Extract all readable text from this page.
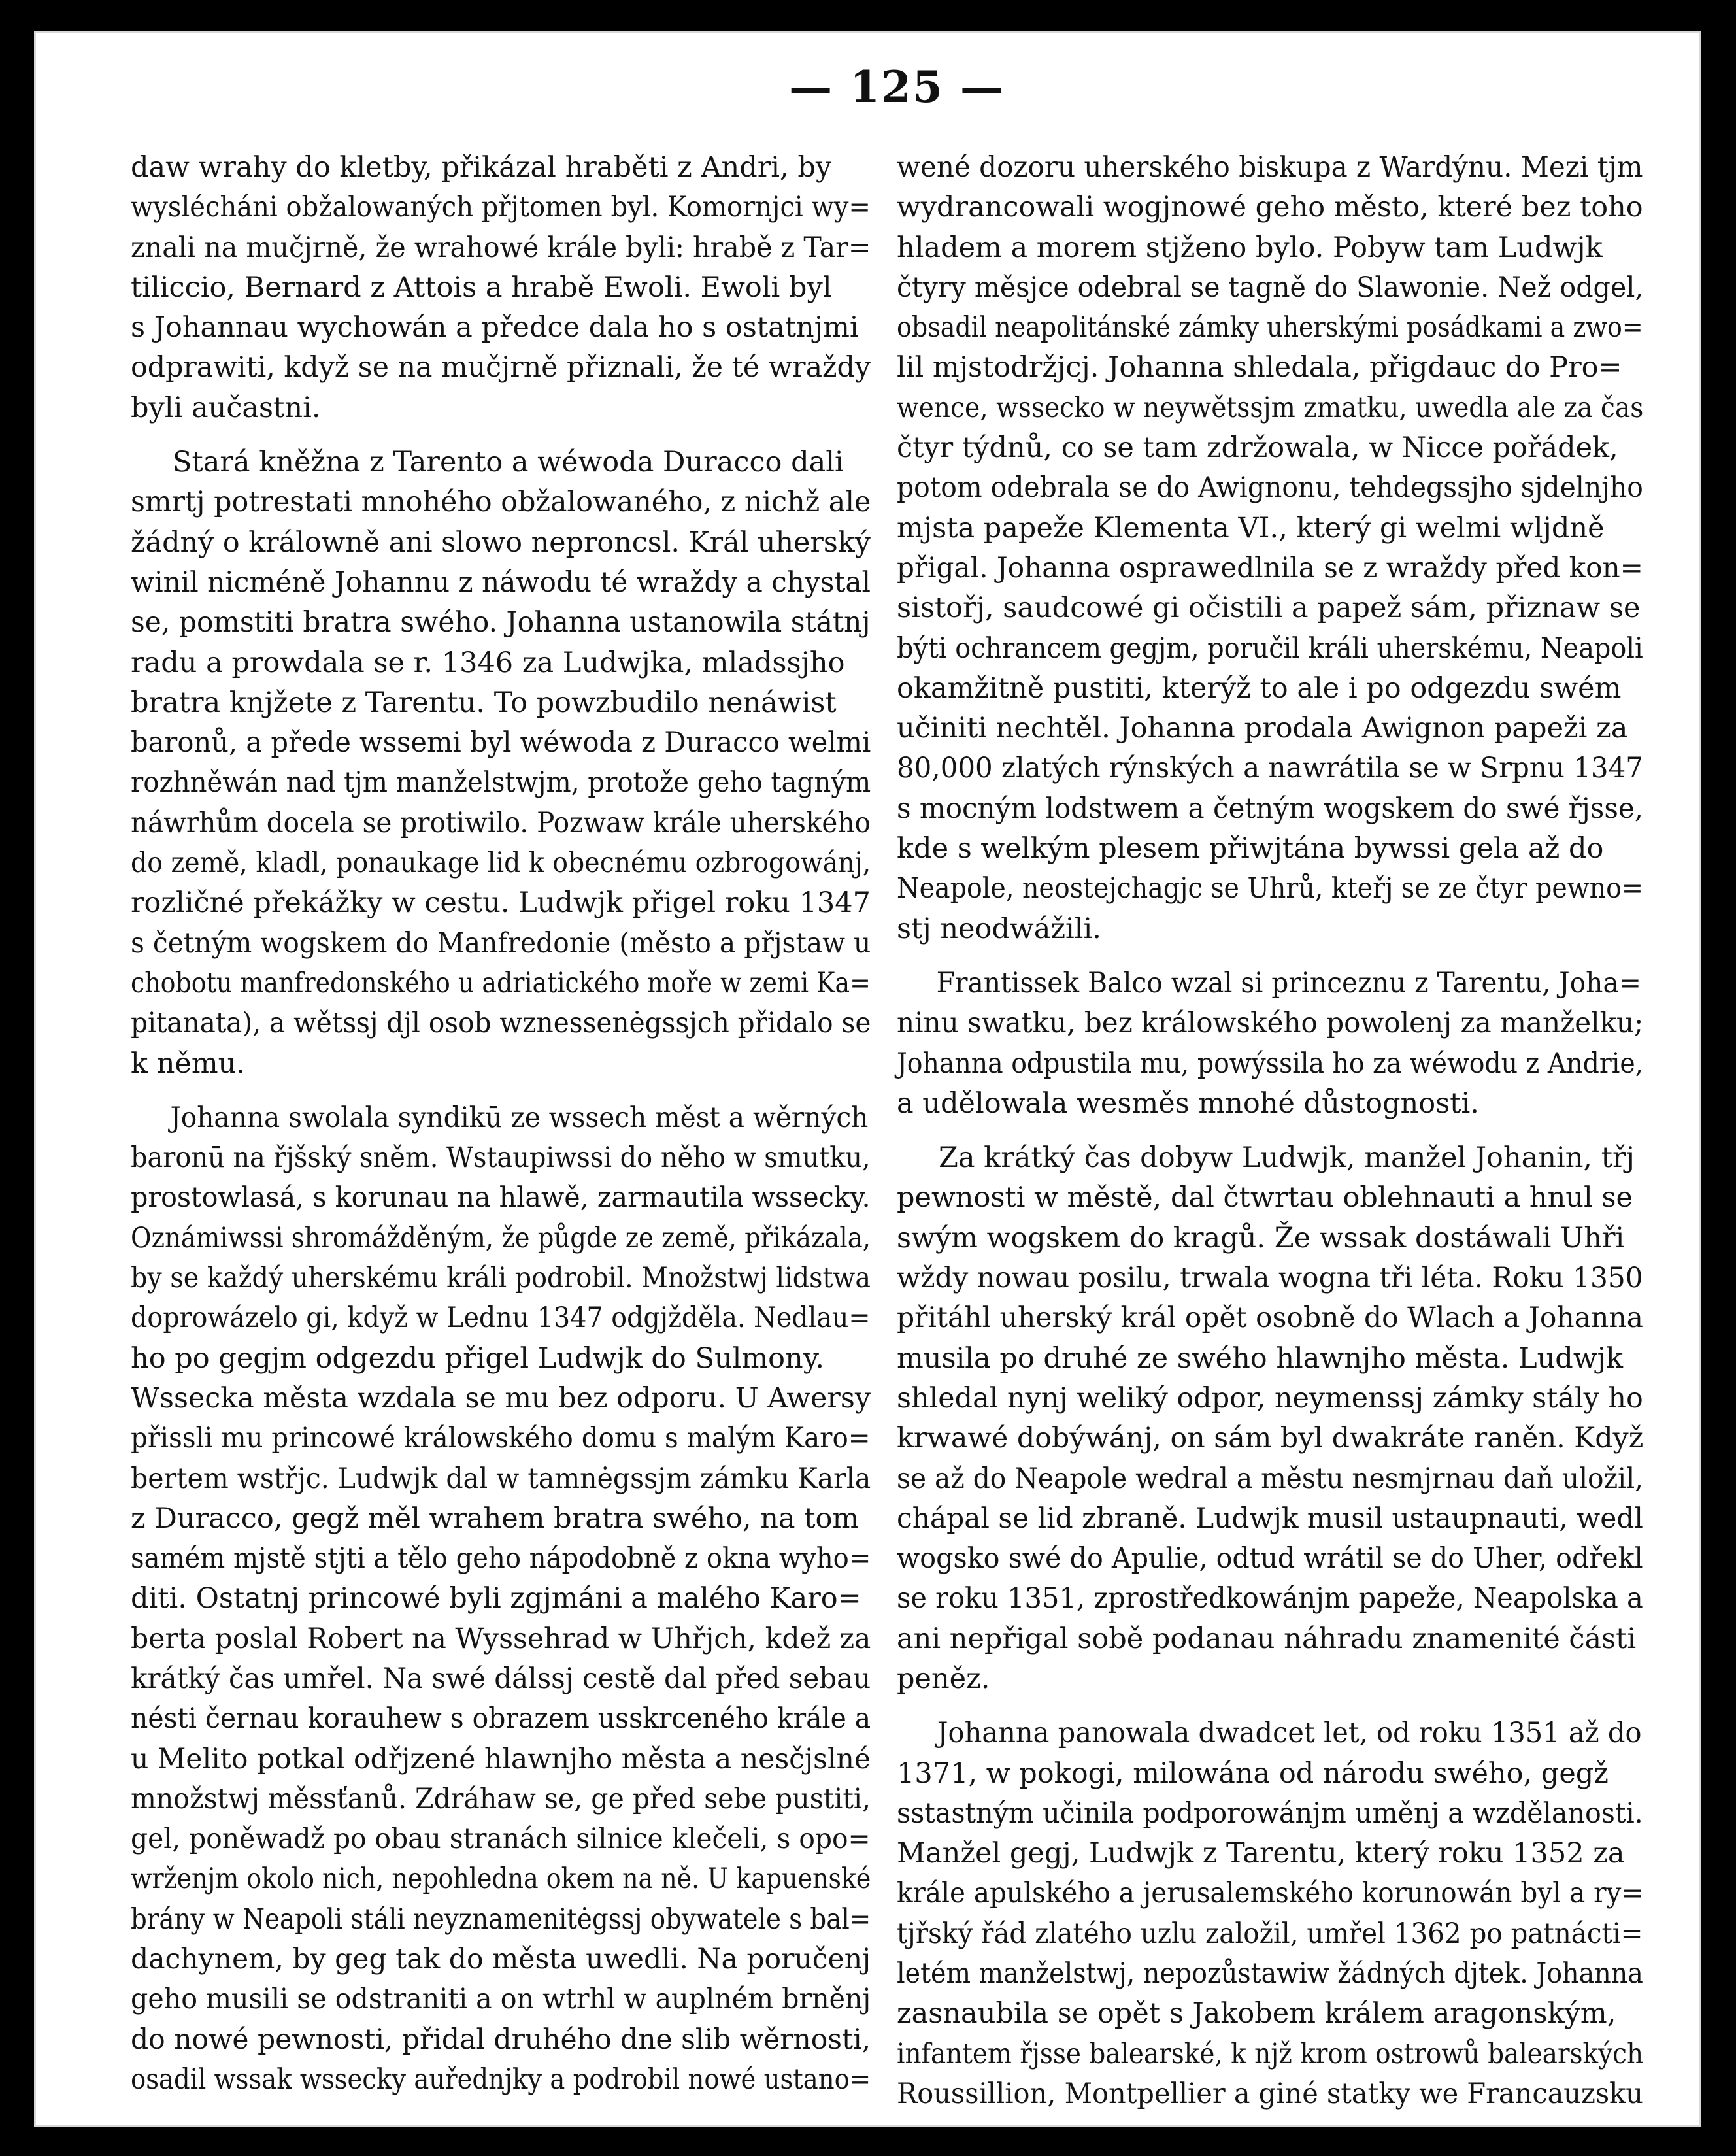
— 125 —
daw wrahy do kletby, přikázal hraběti z Andri, by
wyslécháni obžalowaných přjtomen byl. Komornjci wy=
znali na mučjrně, že wrahowé krále byli: hrabě z Tar=
tiliccio, Bernard z Attois a hrabě Ewoli. Ewoli byl
s Johannau wychowán a předce dala ho s ostatnjmi
odprawiti, když se na mučjrně přiznali, že té wraždy
byli aučastni.
Stará kněžna z Tarento a wéwoda Duracco dali
smrtj potrestati mnohého obžalowaného, z nichž ale
žádný o králowně ani slowo neproncsl. Král uherský
winil nicméně Johannu z náwodu té wraždy a chystal
se, pomstiti bratra swého. Johanna ustanowila státnj
radu a prowdala se r. 1346 za Ludwjka, mladssjho
bratra knjžete z Tarentu. To powzbudilo nenáwist
baronů, a přede wssemi byl wéwoda z Duracco welmi
rozhněwán nad tjm manželstwjm, protože geho tagným
náwrhům docela se protiwilo. Pozwaw krále uherského
do země, kladl, ponaukage lid k obecnému ozbrogowánj,
rozličné překážky w cestu. Ludwjk přigel roku 1347
s četným wogskem do Manfredonie (město a přjstaw u
chobotu manfredonského u adriatického moře w zemi Ka=
pitanata), a wětssj djl osob wznessenėgssjch přidalo se
k němu.
Johanna swolala syndikū ze wssech měst a wěrných
baronū na řjšský sněm. Wstaupiwssi do něho w smutku,
prostowlasá, s korunau na hlawě, zarmautila wssecky.
Oznámiwssi shromážděným, že půgde ze země, přikázala,
by se každý uherskému králi podrobil. Množstwj lidstwa
doprowázelo gi, když w Lednu 1347 odgjžděla. Nedlau=
ho po gegjm odgezdu přigel Ludwjk do Sulmony.
Wssecka města wzdala se mu bez odporu. U Awersy
přissli mu princowé králowského domu s malým Karo=
bertem wstřjc. Ludwjk dal w tamnėgssjm zámku Karla
z Duracco, gegž měl wrahem bratra swého, na tom
samém mjstě stjti a tělo geho nápodobně z okna wyho=
diti. Ostatnj princowé byli zgjmáni a malého Karo=
berta poslal Robert na Wyssehrad w Uhřjch, kdež za
krátký čas umřel. Na swé dálssj cestě dal před sebau
nésti černau korauhew s obrazem usskrceného krále a
u Melito potkal odřjzené hlawnjho města a nesčjslné
množstwj měssťanů. Zdráhaw se, ge před sebe pustiti,
gel, poněwadž po obau stranách silnice klečeli, s opo=
wrženjm okolo nich, nepohledna okem na ně. U kapuenské
brány w Neapoli stáli neyznamenitėgssj obywatele s bal=
dachynem, by geg tak do města uwedli. Na poručenj
geho musili se odstraniti a on wtrhl w auplném brněnj
do nowé pewnosti, přidal druhého dne slib wěrnosti,
osadil wssak wssecky auřednjky a podrobil nowé ustano=
wené dozoru uherského biskupa z Wardýnu. Mezi tjm
wydrancowali wogjnowé geho město, které bez toho
hladem a morem stjženo bylo. Pobyw tam Ludwjk
čtyry měsjce odebral se tagně do Slawonie. Než odgel,
obsadil neapolitánské zámky uherskými posádkami a zwo=
lil mjstodržjcj. Johanna shledala, přigdauc do Pro=
wence, wssecko w neywětssjm zmatku, uwedla ale za čas
čtyr týdnů, co se tam zdržowala, w Nicce pořádek,
potom odebrala se do Awignonu, tehdegssjho sjdelnjho
mjsta papeže Klementa VI., který gi welmi wljdně
přigal. Johanna osprawedlnila se z wraždy před kon=
sistořj, saudcowé gi očistili a papež sám, přiznaw se
býti ochrancem gegjm, poručil králi uherskému, Neapoli
okamžitně pustiti, kterýž to ale i po odgezdu swém
učiniti nechtěl. Johanna prodala Awignon papeži za
80,000 zlatých rýnských a nawrátila se w Srpnu 1347
s mocným lodstwem a četným wogskem do swé řjsse,
kde s welkým plesem přiwjtána bywssi gela až do
Neapole, neostejchagjc se Uhrů, kteřj se ze čtyr pewno=
stj neodwážili.
Frantissek Balco wzal si princeznu z Tarentu, Joha=
ninu swatku, bez králowského powolenj za manželku;
Johanna odpustila mu, powýssila ho za wéwodu z Andrie,
a udělowala wesměs mnohé důstognosti.
Za krátký čas dobyw Ludwjk, manžel Johanin, třj
pewnosti w městě, dal čtwrtau oblehnauti a hnul se
swým wogskem do kragů. Že wssak dostáwali Uhři
wždy nowau posilu, trwala wogna tři léta. Roku 1350
přitáhl uherský král opět osobně do Wlach a Johanna
musila po druhé ze swého hlawnjho města. Ludwjk
shledal nynj weliký odpor, neymenssj zámky stály ho
krwawé dobýwánj, on sám byl dwakráte raněn. Když
se až do Neapole wedral a městu nesmjrnau daň uložil,
chápal se lid zbraně. Ludwjk musil ustaupnauti, wedl
wogsko swé do Apulie, odtud wrátil se do Uher, odřekl
se roku 1351, zprostředkowánjm papeže, Neapolska a
ani nepřigal sobě podanau náhradu znamenité části
peněz.
Johanna panowala dwadcet let, od roku 1351 až do
1371, w pokogi, milowána od národu swého, gegž
sstastným učinila podporowánjm uměnj a wzdělanosti.
Manžel gegj, Ludwjk z Tarentu, který roku 1352 za
krále apulského a jerusalemského korunowán byl a ry=
tjřský řád zlatého uzlu založil, umřel 1362 po patnácti=
letém manželstwj, nepozůstawiw žádných djtek. Johanna
zasnaubila se opět s Jakobem králem aragonským,
infantem řjsse balearské, k njž krom ostrowů balearských
Roussillion, Montpellier a giné statky we Francauzsku
